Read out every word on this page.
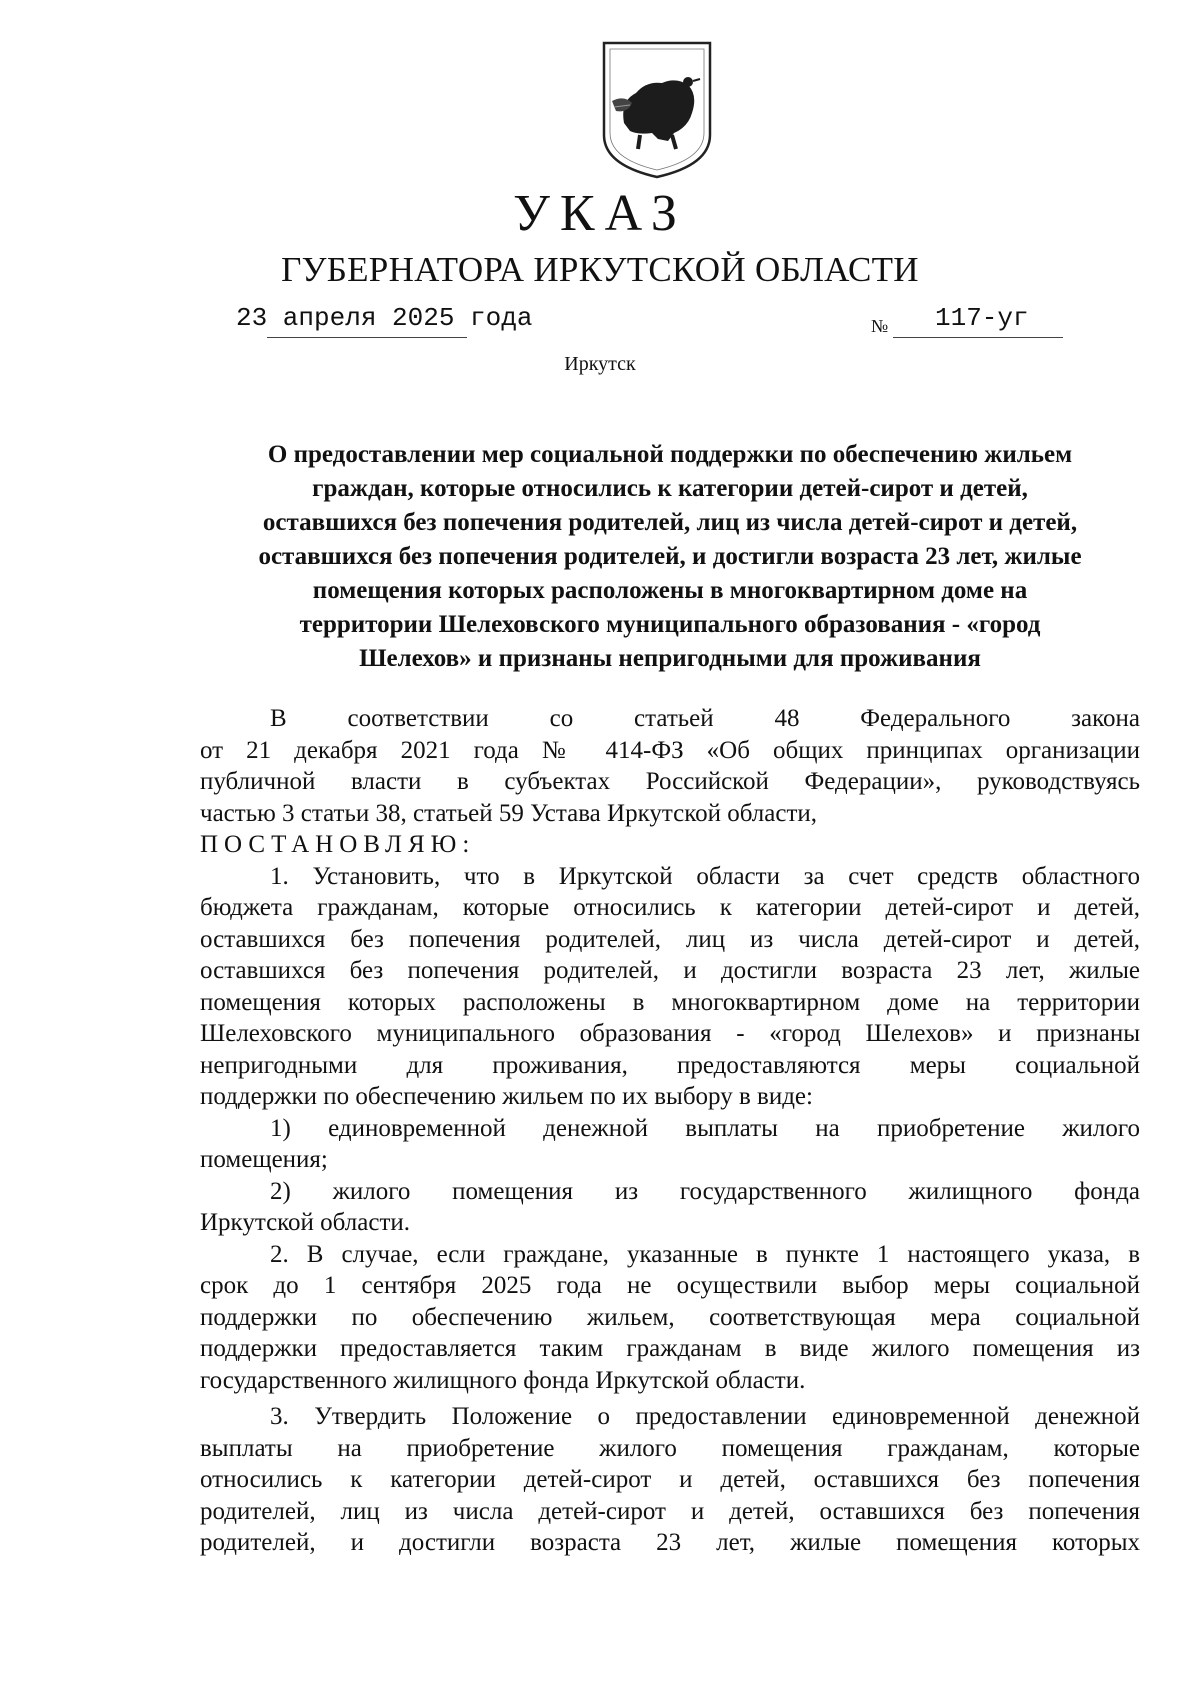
УКАЗ
ГУБЕРНАТОРА ИРКУТСКОЙ ОБЛАСТИ
23 апреля 2025 года	№ 117-уг
Иркутск
О предоставлении мер социальной поддержки по обеспечению жильем
граждан, которые относились к категории детей-сирот и детей,
оставшихся без попечения родителей, лиц из числа детей-сирот и детей,
оставшихся без попечения родителей, и достигли возраста 23 лет, жилые
помещения которых расположены в многоквартирном доме на
территории Шелеховского муниципального образования - «город
Шелехов» и признаны непригодными для проживания
В соответствии со статьей 48 Федерального закона
от 21 декабря 2021 года № 414-ФЗ «Об общих принципах организации
публичной власти в субъектах Российской Федерации», руководствуясь
частью 3 статьи 38, статьей 59 Устава Иркутской области,
ПОСТАНОВЛЯЮ:
1. Установить, что в Иркутской области за счет средств областного
бюджета гражданам, которые относились к категории детей-сирот и детей,
оставшихся без попечения родителей, лиц из числа детей-сирот и детей,
оставшихся без попечения родителей, и достигли возраста 23 лет, жилые
помещения которых расположены в многоквартирном доме на территории
Шелеховского муниципального образования - «город Шелехов» и признаны
непригодными для проживания, предоставляются меры социальной
поддержки по обеспечению жильем по их выбору в виде:
1) единовременной денежной выплаты на приобретение жилого
помещения;
2) жилого помещения из государственного жилищного фонда
Иркутской области.
2. В случае, если граждане, указанные в пункте 1 настоящего указа, в
срок до 1 сентября 2025 года не осуществили выбор меры социальной
поддержки по обеспечению жильем, соответствующая мера социальной
поддержки предоставляется таким гражданам в виде жилого помещения из
государственного жилищного фонда Иркутской области.
3. Утвердить Положение о предоставлении единовременной денежной
выплаты на приобретение жилого помещения гражданам, которые
относились к категории детей-сирот и детей, оставшихся без попечения
родителей, лиц из числа детей-сирот и детей, оставшихся без попечения
родителей, и достигли возраста 23 лет, жилые помещения которых
